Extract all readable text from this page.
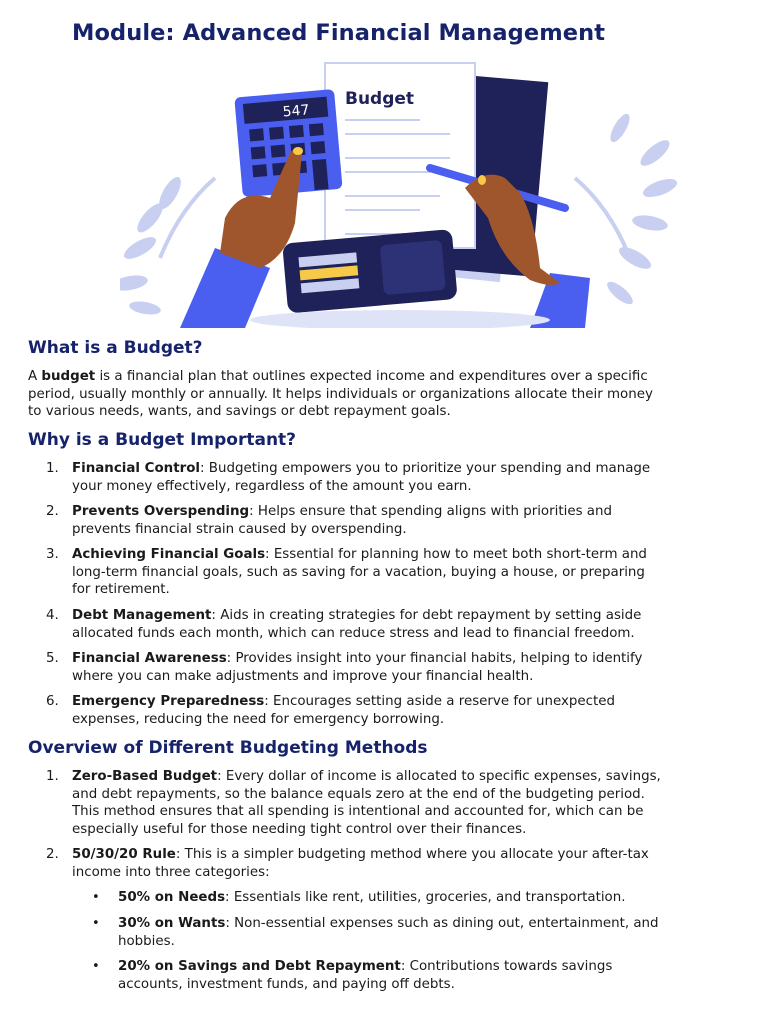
Module: Advanced Financial Management
Budget
547
What is a Budget?

A budget is a financial plan that outlines expected income and expenditures over a specific
period, usually monthly or annually. It helps individuals or organizations allocate their money
to various needs, wants, and savings or debt repayment goals.

Why is a Budget Important?
1. Financial Control: Budgeting empowers you to prioritize your spending and manage
your money effectively, regardless of the amount you earn.
2. Prevents Overspending: Helps ensure that spending aligns with priorities and
prevents financial strain caused by overspending.
3. Achieving Financial Goals: Essential for planning how to meet both short-term and
long-term financial goals, such as saving for a vacation, buying a house, or preparing
for retirement.
4. Debt Management: Aids in creating strategies for debt repayment by setting aside
allocated funds each month, which can reduce stress and lead to financial freedom.
5. Financial Awareness: Provides insight into your financial habits, helping to identify
where you can make adjustments and improve your financial health.
6. Emergency Preparedness: Encourages setting aside a reserve for unexpected
expenses, reducing the need for emergency borrowing.
Overview of Different Budgeting Methods
1. Zero-Based Budget: Every dollar of income is allocated to specific expenses, savings,
and debt repayments, so the balance equals zero at the end of the budgeting period.
This method ensures that all spending is intentional and accounted for, which can be
especially useful for those needing tight control over their finances.
2. 50/30/20 Rule: This is a simpler budgeting method where you allocate your after-tax
income into three categories:
• 50% on Needs: Essentials like rent, utilities, groceries, and transportation.
• 30% on Wants: Non-essential expenses such as dining out, entertainment, and
hobbies.
• 20% on Savings and Debt Repayment: Contributions towards savings
accounts, investment funds, and paying off debts.
